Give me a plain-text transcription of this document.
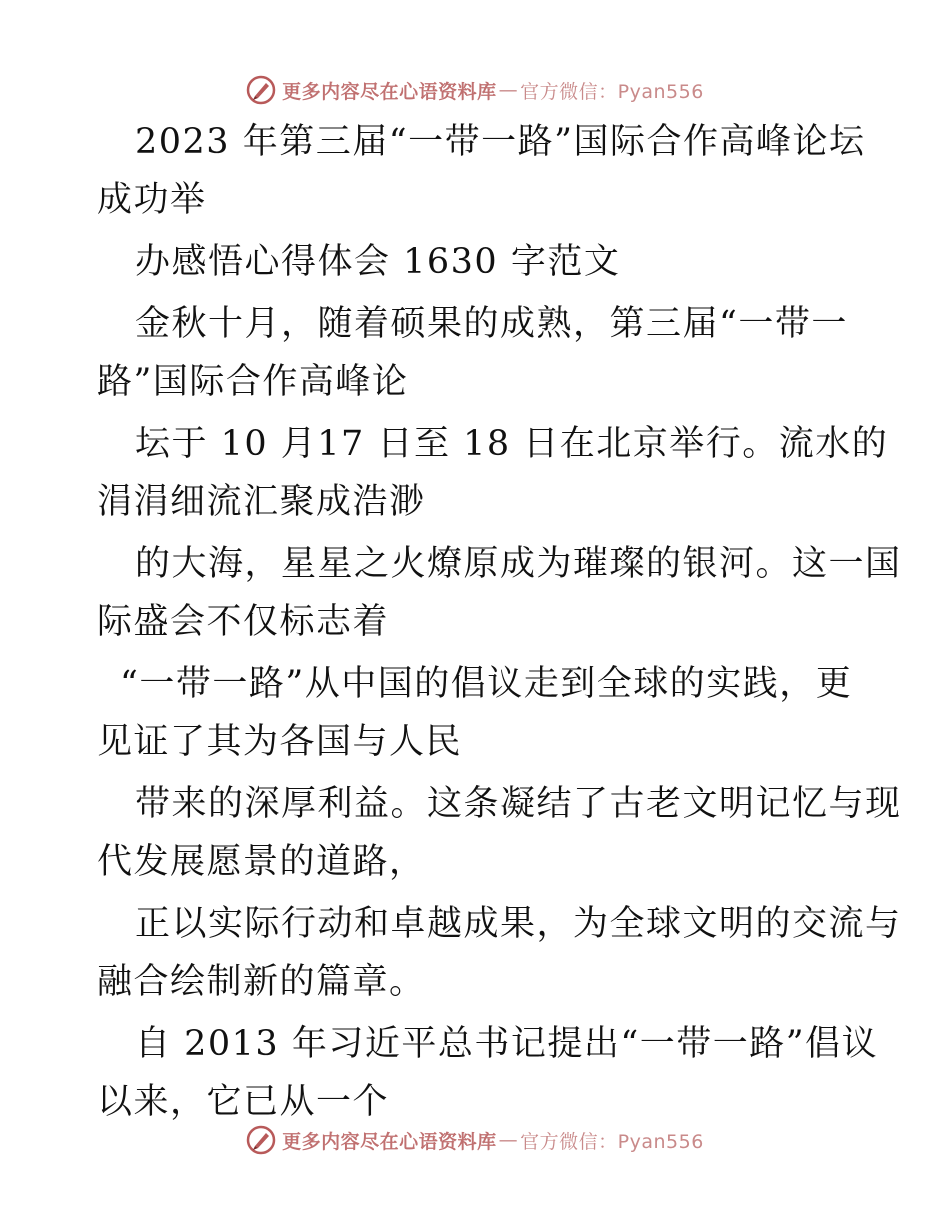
更多内容尽在心语资料库 — 官方微信：Pyan556
2023 年第三届“一带一路”国际合作高峰论坛
成功举
办感悟心得体会 1630 字范文
金秋十月，随着硕果的成熟，第三届“一带一
路”国际合作高峰论
坛于 10 月17 日至 18 日在北京举行。流水的
涓涓细流汇聚成浩渺
的大海，星星之火燎原成为璀璨的银河。这一国
际盛会不仅标志着
“一带一路”从中国的倡议走到全球的实践，更
见证了其为各国与人民
带来的深厚利益。这条凝结了古老文明记忆与现
代发展愿景的道路，
正以实际行动和卓越成果，为全球文明的交流与
融合绘制新的篇章。
自 2013 年习近平总书记提出“一带一路”倡议
以来，它已从一个
更多内容尽在心语资料库 — 官方微信：Pyan556
